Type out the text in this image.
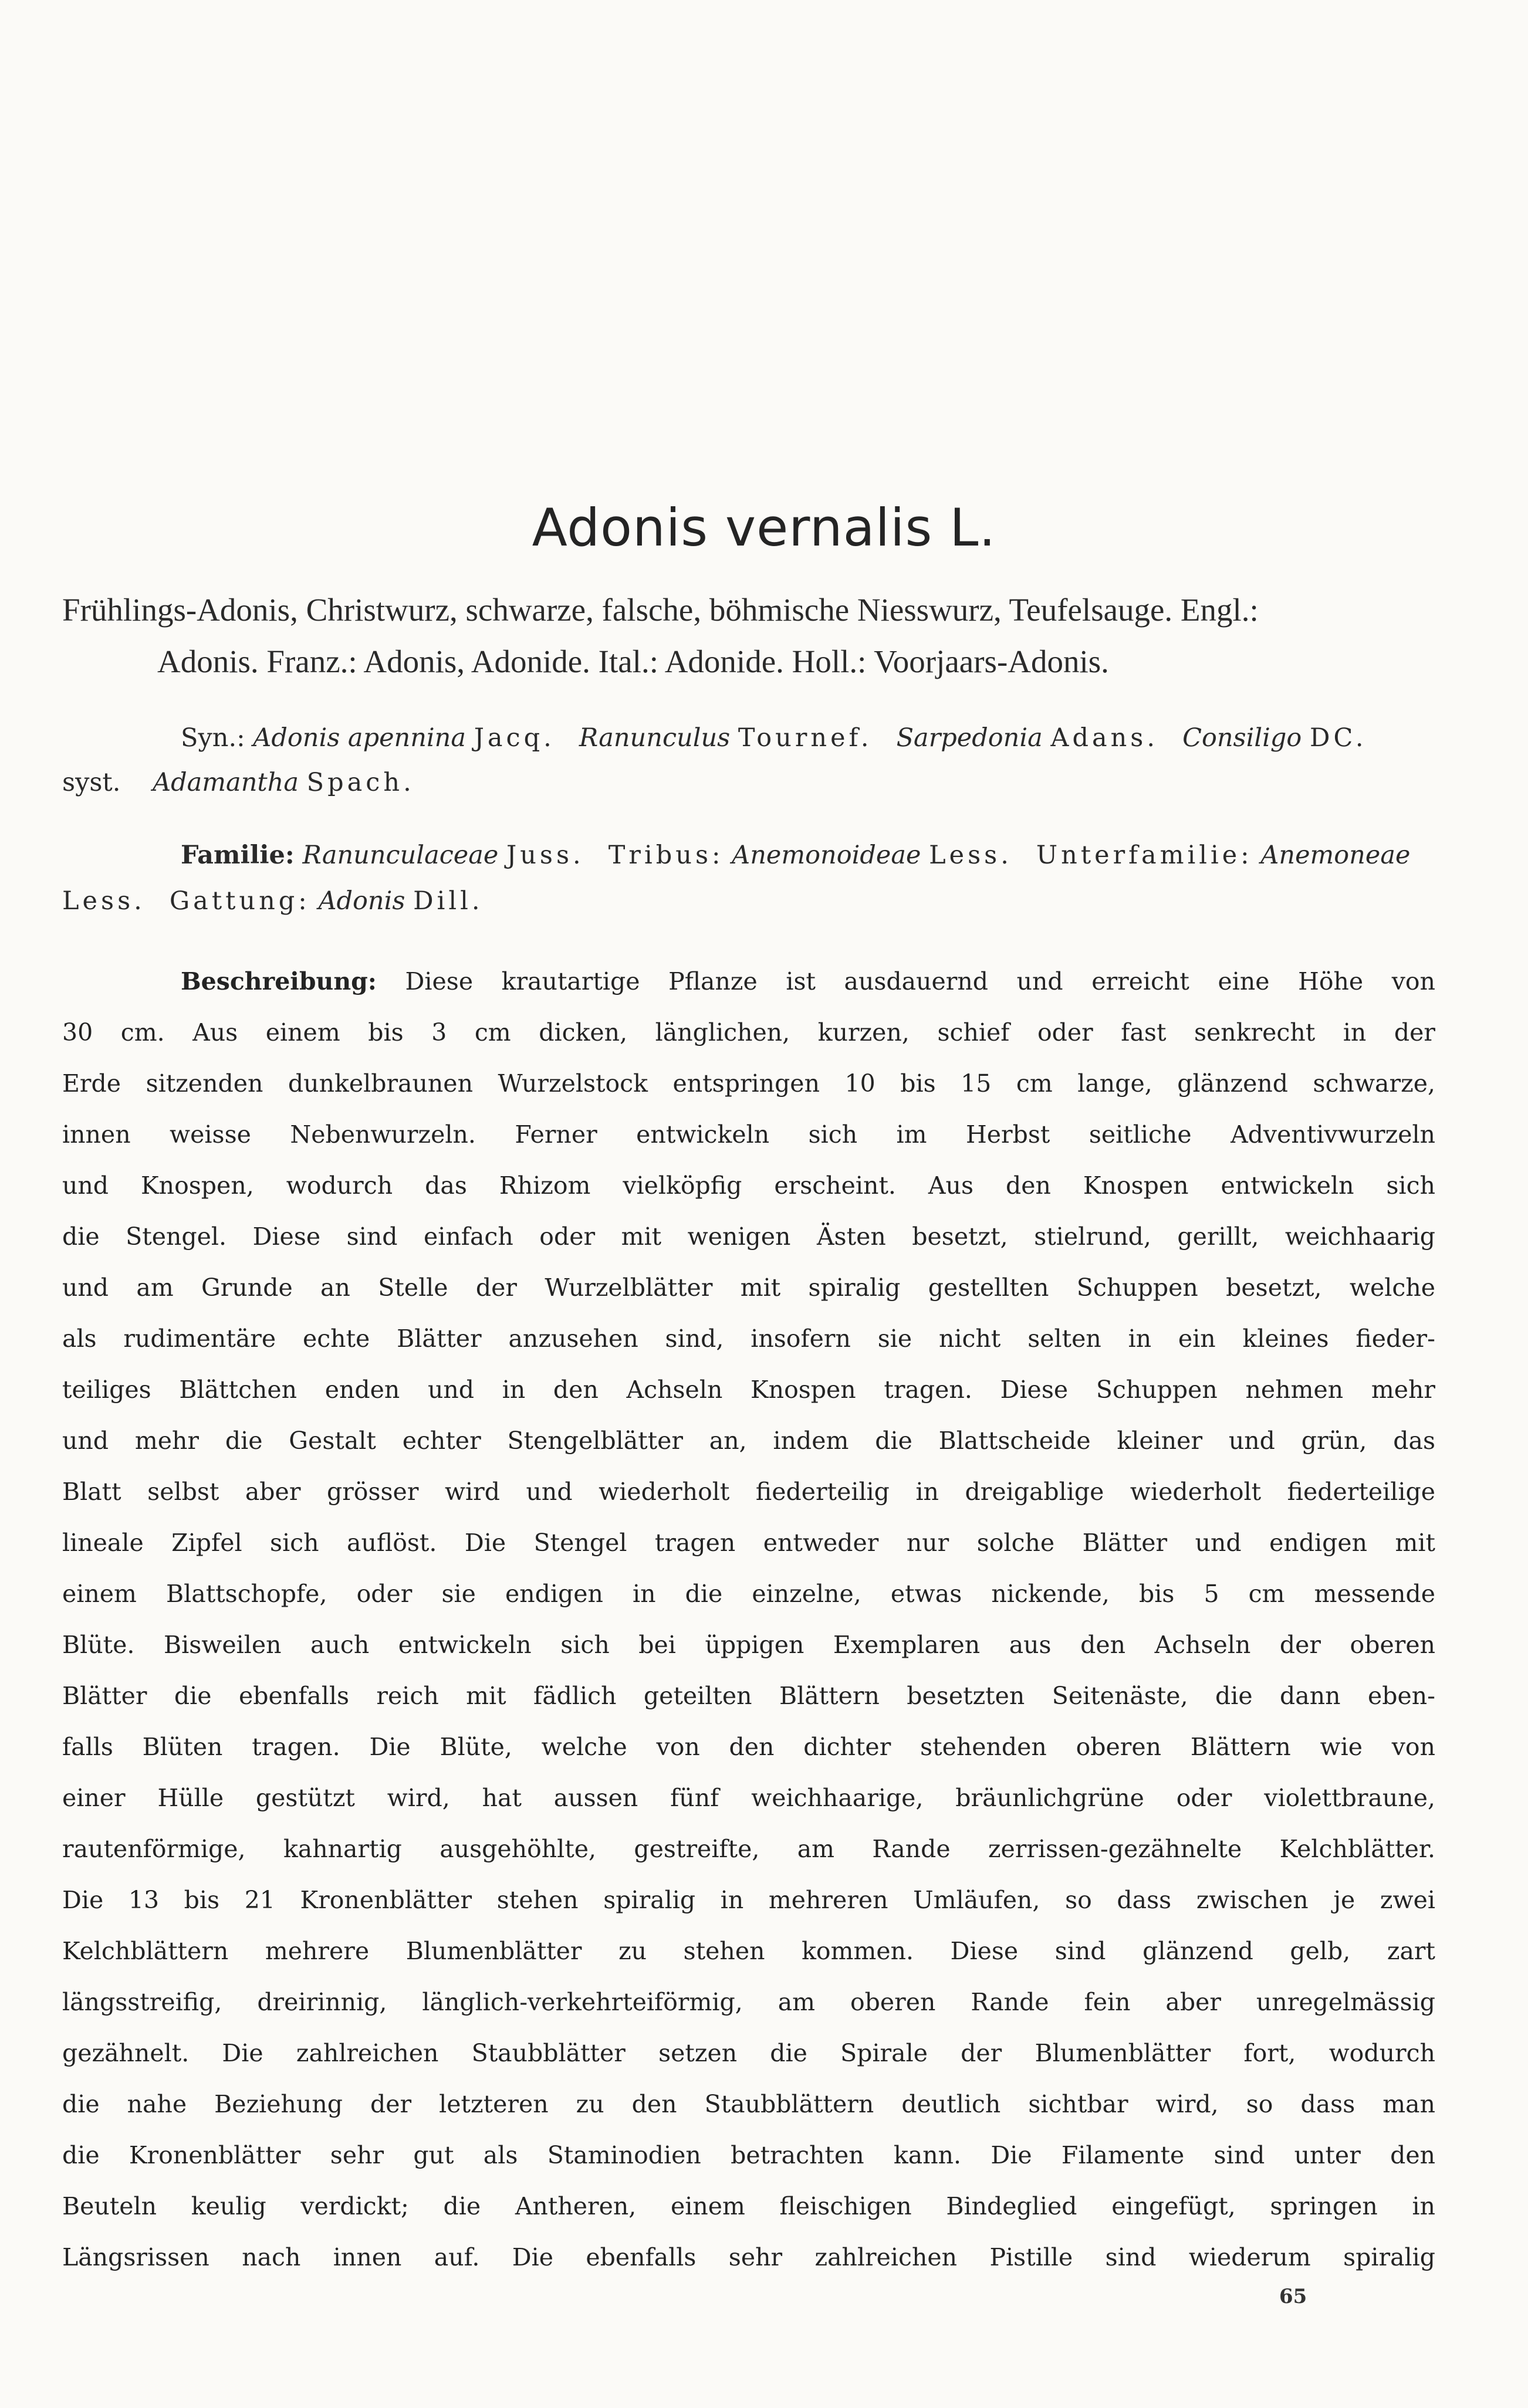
Adonis vernalis L.
Frühlings-Adonis, Christwurz, schwarze, falsche, böhmische Niesswurz, Teufelsauge. Engl.:
Adonis. Franz.: Adonis, Adonide. Ital.: Adonide. Holl.: Voorjaars-Adonis.
Syn.: Adonis apennina Jacq. Ranunculus Tournef. Sarpedonia Adans. Consiligo DC.
syst. Adamantha Spach.
Familie: Ranunculaceae Juss. Tribus: Anemonoideae Less. Unterfamilie: Anemoneae
Less. Gattung: Adonis Dill.
Beschreibung: Diese krautartige Pflanze ist ausdauernd und erreicht eine Höhe von
30 cm. Aus einem bis 3 cm dicken, länglichen, kurzen, schief oder fast senkrecht in der
Erde sitzenden dunkelbraunen Wurzelstock entspringen 10 bis 15 cm lange, glänzend schwarze,
innen weisse Nebenwurzeln. Ferner entwickeln sich im Herbst seitliche Adventivwurzeln
und Knospen, wodurch das Rhizom vielköpfig erscheint. Aus den Knospen entwickeln sich
die Stengel. Diese sind einfach oder mit wenigen Ästen besetzt, stielrund, gerillt, weichhaarig
und am Grunde an Stelle der Wurzelblätter mit spiralig gestellten Schuppen besetzt, welche
als rudimentäre echte Blätter anzusehen sind, insofern sie nicht selten in ein kleines fieder-
teiliges Blättchen enden und in den Achseln Knospen tragen. Diese Schuppen nehmen mehr
und mehr die Gestalt echter Stengelblätter an, indem die Blattscheide kleiner und grün, das
Blatt selbst aber grösser wird und wiederholt fiederteilig in dreigablige wiederholt fiederteilige
lineale Zipfel sich auflöst. Die Stengel tragen entweder nur solche Blätter und endigen mit
einem Blattschopfe, oder sie endigen in die einzelne, etwas nickende, bis 5 cm messende
Blüte. Bisweilen auch entwickeln sich bei üppigen Exemplaren aus den Achseln der oberen
Blätter die ebenfalls reich mit fädlich geteilten Blättern besetzten Seitenäste, die dann eben-
falls Blüten tragen. Die Blüte, welche von den dichter stehenden oberen Blättern wie von
einer Hülle gestützt wird, hat aussen fünf weichhaarige, bräunlichgrüne oder violettbraune,
rautenförmige, kahnartig ausgehöhlte, gestreifte, am Rande zerrissen-gezähnelte Kelchblätter.
Die 13 bis 21 Kronenblätter stehen spiralig in mehreren Umläufen, so dass zwischen je zwei
Kelchblättern mehrere Blumenblätter zu stehen kommen. Diese sind glänzend gelb, zart
längsstreifig, dreirinnig, länglich-verkehrteiförmig, am oberen Rande fein aber unregelmässig
gezähnelt. Die zahlreichen Staubblätter setzen die Spirale der Blumenblätter fort, wodurch
die nahe Beziehung der letzteren zu den Staubblättern deutlich sichtbar wird, so dass man
die Kronenblätter sehr gut als Staminodien betrachten kann. Die Filamente sind unter den
Beuteln keulig verdickt; die Antheren, einem fleischigen Bindeglied eingefügt, springen in
Längsrissen nach innen auf. Die ebenfalls sehr zahlreichen Pistille sind wiederum spiralig
65
